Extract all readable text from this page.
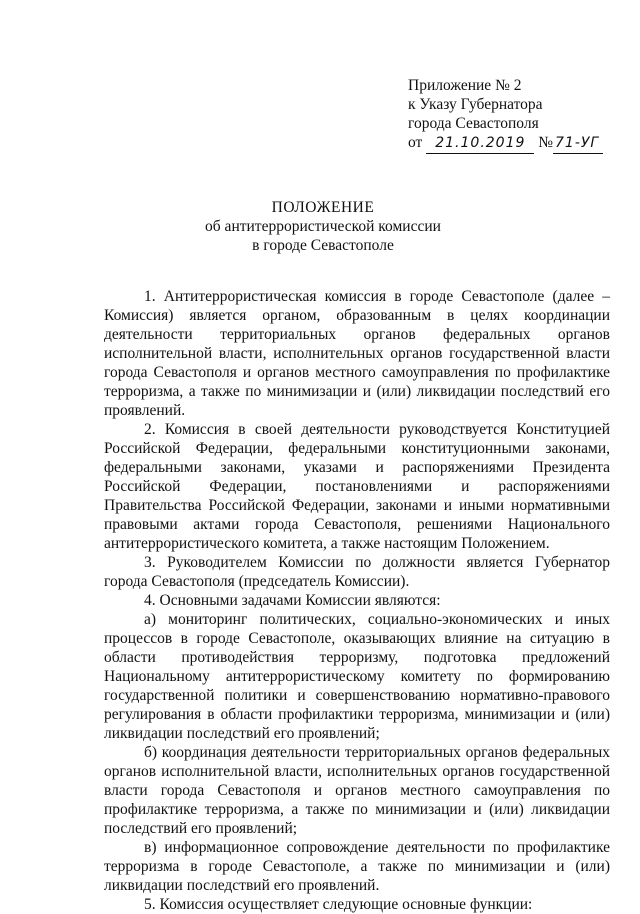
Приложение № 2
к Указу Губернатора
города Севастополя
от 21.10.2019 № 71-УГ
ПОЛОЖЕНИЕ
об антитеррористической комиссии
в городе Севастополе

1. Антитеррористическая комиссия в городе Севастополе (далее – Комиссия) является органом, образованным в целях координации деятельности территориальных органов федеральных органов исполнительной власти, исполнительных органов государственной власти города Севастополя и органов местного самоуправления по профилактике терроризма, а также по минимизации и (или) ликвидации последствий его проявлений.

2. Комиссия в своей деятельности руководствуется Конституцией Российской Федерации, федеральными конституционными законами, федеральными законами, указами и распоряжениями Президента Российской Федерации, постановлениями и распоряжениями Правительства Российской Федерации, законами и иными нормативными правовыми актами города Севастополя, решениями Национального антитеррористического комитета, а также настоящим Положением.

3. Руководителем Комиссии по должности является Губернатор города Севастополя (председатель Комиссии).

4. Основными задачами Комиссии являются:

а) мониторинг политических, социально-экономических и иных процессов в городе Севастополе, оказывающих влияние на ситуацию в области противодействия терроризму, подготовка предложений Национальному антитеррористическому комитету по формированию государственной политики и совершенствованию нормативно-правового регулирования в области профилактики терроризма, минимизации и (или) ликвидации последствий его проявлений;

б) координация деятельности территориальных органов федеральных органов исполнительной власти, исполнительных органов государственной власти города Севастополя и органов местного самоуправления по профилактике терроризма, а также по минимизации и (или) ликвидации последствий его проявлений;

в) информационное сопровождение деятельности по профилактике терроризма в городе Севастополе, а также по минимизации и (или) ликвидации последствий его проявлений.

5. Комиссия осуществляет следующие основные функции:
